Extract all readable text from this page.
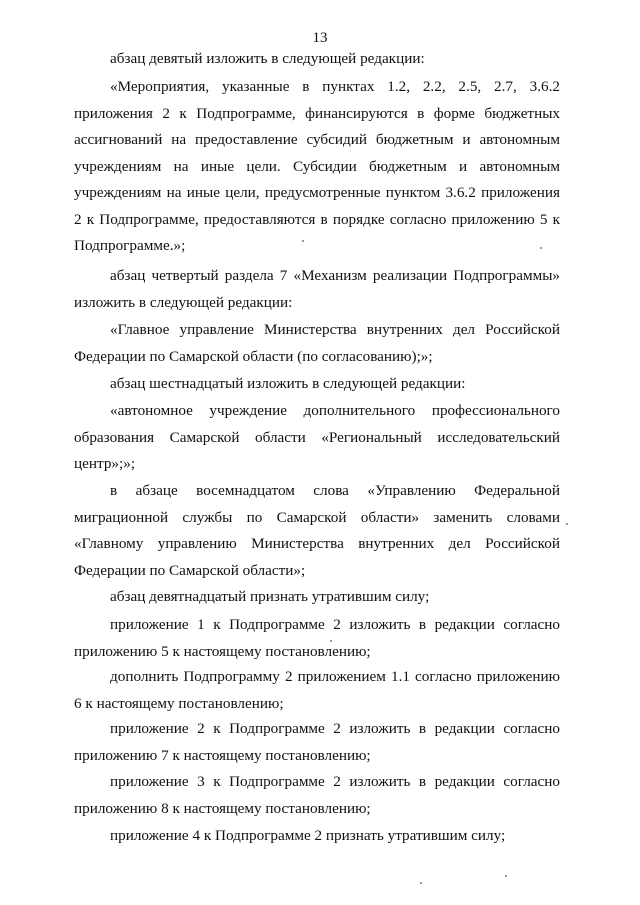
13

абзац девятый изложить в следующей редакции:

«Мероприятия, указанные в пунктах 1.2, 2.2, 2.5, 2.7, 3.6.2 приложения 2 к Подпрограмме, финансируются в форме бюджетных ассигнований на предоставление субсидий бюджетным и автономным учреждениям на иные цели. Субсидии бюджетным и автономным учреждениям на иные цели, предусмотренные пунктом 3.6.2 приложения 2 к Подпрограмме, предоставляются в порядке согласно приложению 5 к Подпрограмме.»;

абзац четвертый раздела 7 «Механизм реализации Подпрограммы» изложить в следующей редакции:

«Главное управление Министерства внутренних дел Российской Федерации по Самарской области (по согласованию);»;

абзац шестнадцатый изложить в следующей редакции:

«автономное учреждение дополнительного профессионального образования Самарской области «Региональный исследовательский центр»;»;

в абзаце восемнадцатом слова «Управлению Федеральной миграционной службы по Самарской области» заменить словами «Главному управлению Министерства внутренних дел Российской Федерации по Самарской области»;

абзац девятнадцатый признать утратившим силу;

приложение 1 к Подпрограмме 2 изложить в редакции согласно приложению 5 к настоящему постановлению;

дополнить Подпрограмму 2 приложением 1.1 согласно приложению 6 к настоящему постановлению;

приложение 2 к Подпрограмме 2 изложить в редакции согласно приложению 7 к настоящему постановлению;

приложение 3 к Подпрограмме 2 изложить в редакции согласно приложению 8 к настоящему постановлению;

приложение 4 к Подпрограмме 2 признать утратившим силу;
